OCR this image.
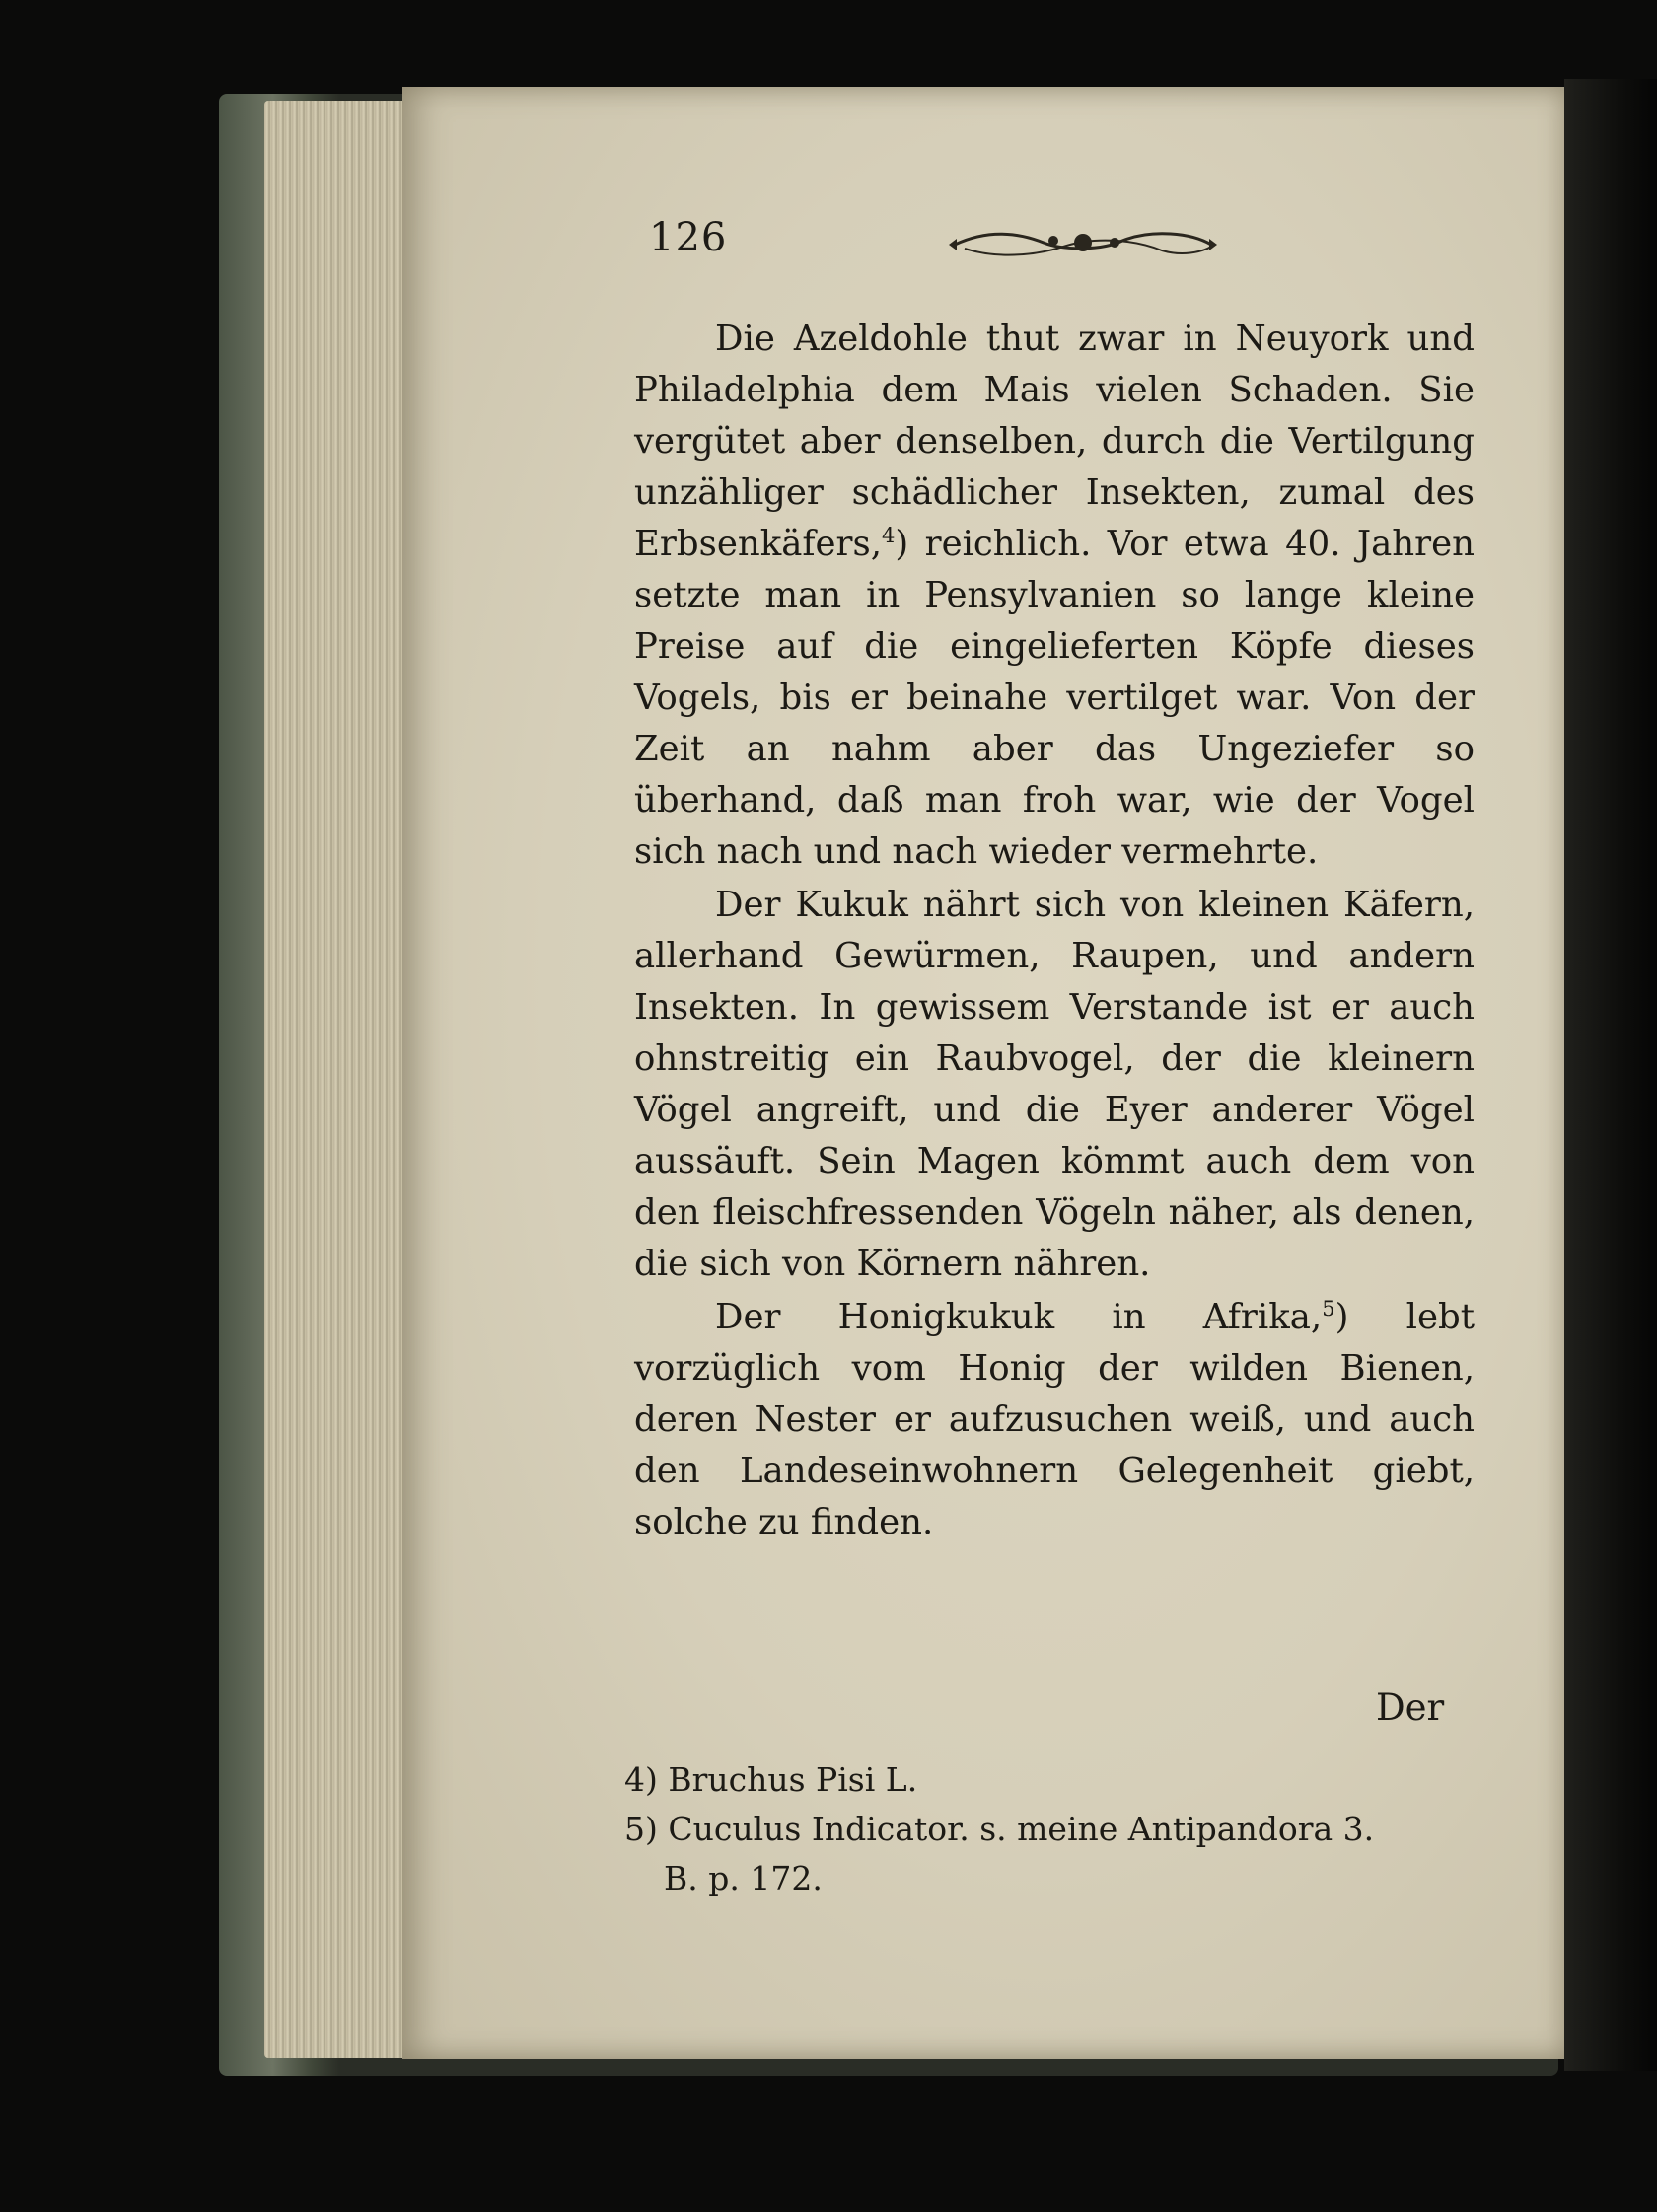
126

Die Azeldohle thut zwar in Neuyork und Philadelphia dem Mais vielen Schaden. Sie vergütet aber denselben, durch die Vertilgung unzähliger schädlicher Insekten, zumal des Erbsenkäfers,$^4$) reichlich. Vor etwa 40. Jahren setzte man in Pensylvanien so lange kleine Preise auf die eingelieferten Köpfe dieses Vogels, bis er beinahe vertilget war. Von der Zeit an nahm aber das Ungeziefer so überhand, daß man froh war, wie der Vogel sich nach und nach wieder vermehrte.

Der Kukuk nährt sich von kleinen Käfern, allerhand Gewürmen, Raupen, und andern Insekten. In gewissem Verstande ist er auch ohnstreitig ein Raubvogel, der die kleinern Vögel angreift, und die Eyer anderer Vögel aussäuft. Sein Magen kömmt auch dem von den fleischfressenden Vögeln näher, als denen, die sich von Körnern nähren.

Der Honigkukuk in Afrika,$^5$) lebt vorzüglich vom Honig der wilden Bienen, deren Nester er aufzusuchen weiß, und auch den Landeseinwohnern Gelegenheit giebt, solche zu finden.

Der

4) Bruchus Pisi L.

5) Cuculus Indicator. s. meine Antipandora 3.

B. p. 172.
